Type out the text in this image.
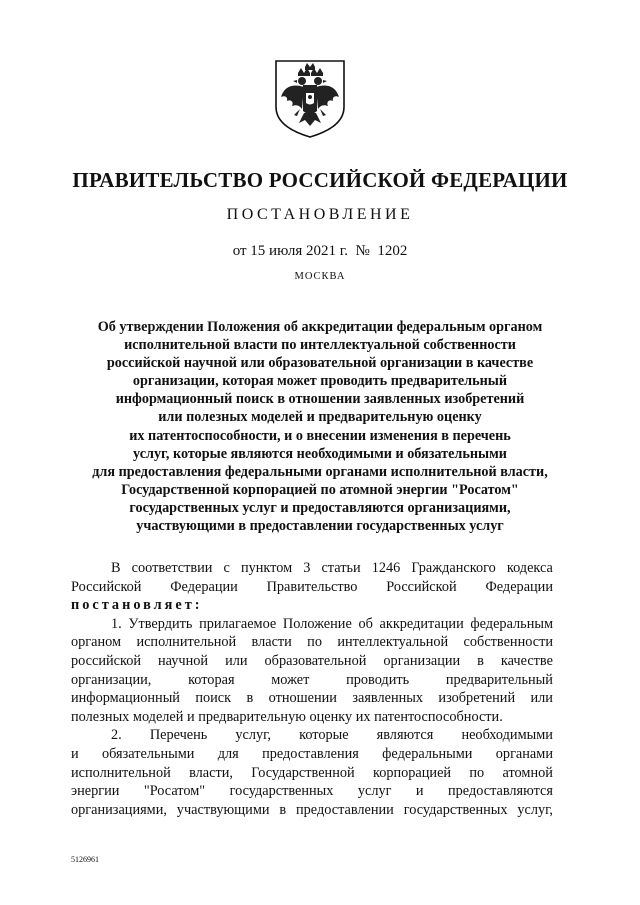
ПРАВИТЕЛЬСТВО РОССИЙСКОЙ ФЕДЕРАЦИИ
ПОСТАНОВЛЕНИЕ
от 15 июля 2021 г. № 1202
МОСКВА
Об утверждении Положения об аккредитации федеральным органом
исполнительной власти по интеллектуальной собственности
российской научной или образовательной организации в качестве
организации, которая может проводить предварительный
информационный поиск в отношении заявленных изобретений
или полезных моделей и предварительную оценку
их патентоспособности, и о внесении изменения в перечень
услуг, которые являются необходимыми и обязательными
для предоставления федеральными органами исполнительной власти,
Государственной корпорацией по атомной энергии "Росатом"
государственных услуг и предоставляются организациями,
участвующими в предоставлении государственных услуг
В соответствии с пунктом 3 статьи 1246 Гражданского кодекса
Российской Федерации Правительство Российской Федерации
постановляет:
1. Утвердить прилагаемое Положение об аккредитации федеральным
органом исполнительной власти по интеллектуальной собственности
российской научной или образовательной организации в качестве
организации,	которая	может	проводить	предварительный
информационный поиск в отношении заявленных изобретений или
полезных моделей и предварительную оценку их патентоспособности.
2. Перечень услуг, которые являются необходимыми
и обязательными для предоставления федеральными органами
исполнительной власти, Государственной корпорацией по атомной
энергии "Росатом" государственных услуг и предоставляются
организациями, участвующими в предоставлении государственных услуг,
5126961
